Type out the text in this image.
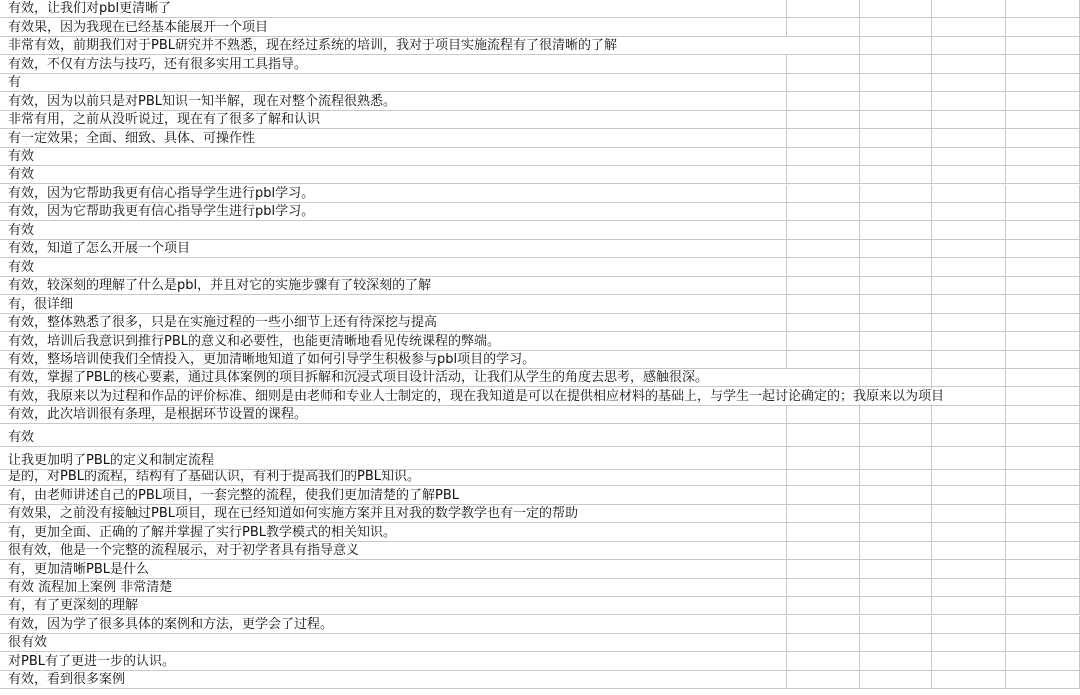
有效，让我们对pbl更清晰了
有效果，因为我现在已经基本能展开一个项目
非常有效，前期我们对于PBL研究并不熟悉，现在经过系统的培训，我对于项目实施流程有了很清晰的了解
有效，不仅有方法与技巧，还有很多实用工具指导。
有
有效，因为以前只是对PBL知识一知半解，现在对整个流程很熟悉。
非常有用，之前从没听说过，现在有了很多了解和认识
有一定效果；全面、细致、具体、可操作性
有效
有效
有效，因为它帮助我更有信心指导学生进行pbl学习。
有效，因为它帮助我更有信心指导学生进行pbl学习。
有效
有效，知道了怎么开展一个项目
有效
有效，较深刻的理解了什么是pbl，并且对它的实施步骤有了较深刻的了解
有，很详细
有效，整体熟悉了很多，只是在实施过程的一些小细节上还有待深挖与提高
有效，培训后我意识到推行PBL的意义和必要性，也能更清晰地看见传统课程的弊端。
有效，整场培训使我们全情投入，更加清晰地知道了如何引导学生积极参与pbl项目的学习。
有效，掌握了PBL的核心要素，通过具体案例的项目拆解和沉浸式项目设计活动，让我们从学生的角度去思考，感触很深。
有效，我原来以为过程和作品的评价标准、细则是由老师和专业人士制定的，现在我知道是可以在提供相应材料的基础上，与学生一起讨论确定的；我原来以为项目
有效，此次培训很有条理，是根据环节设置的课程。
有效
让我更加明了PBL的定义和制定流程
是的，对PBL的流程，结构有了基础认识，有利于提高我们的PBL知识。
有，由老师讲述自己的PBL项目，一套完整的流程，使我们更加清楚的了解PBL
有效果，之前没有接触过PBL项目，现在已经知道如何实施方案并且对我的数学教学也有一定的帮助
有，更加全面、正确的了解并掌握了实行PBL教学模式的相关知识。
很有效，他是一个完整的流程展示，对于初学者具有指导意义
有，更加清晰PBL是什么
有效 流程加上案例 非常清楚
有，有了更深刻的理解
有效，因为学了很多具体的案例和方法，更学会了过程。
很有效
对PBL有了更进一步的认识。
有效，看到很多案例
